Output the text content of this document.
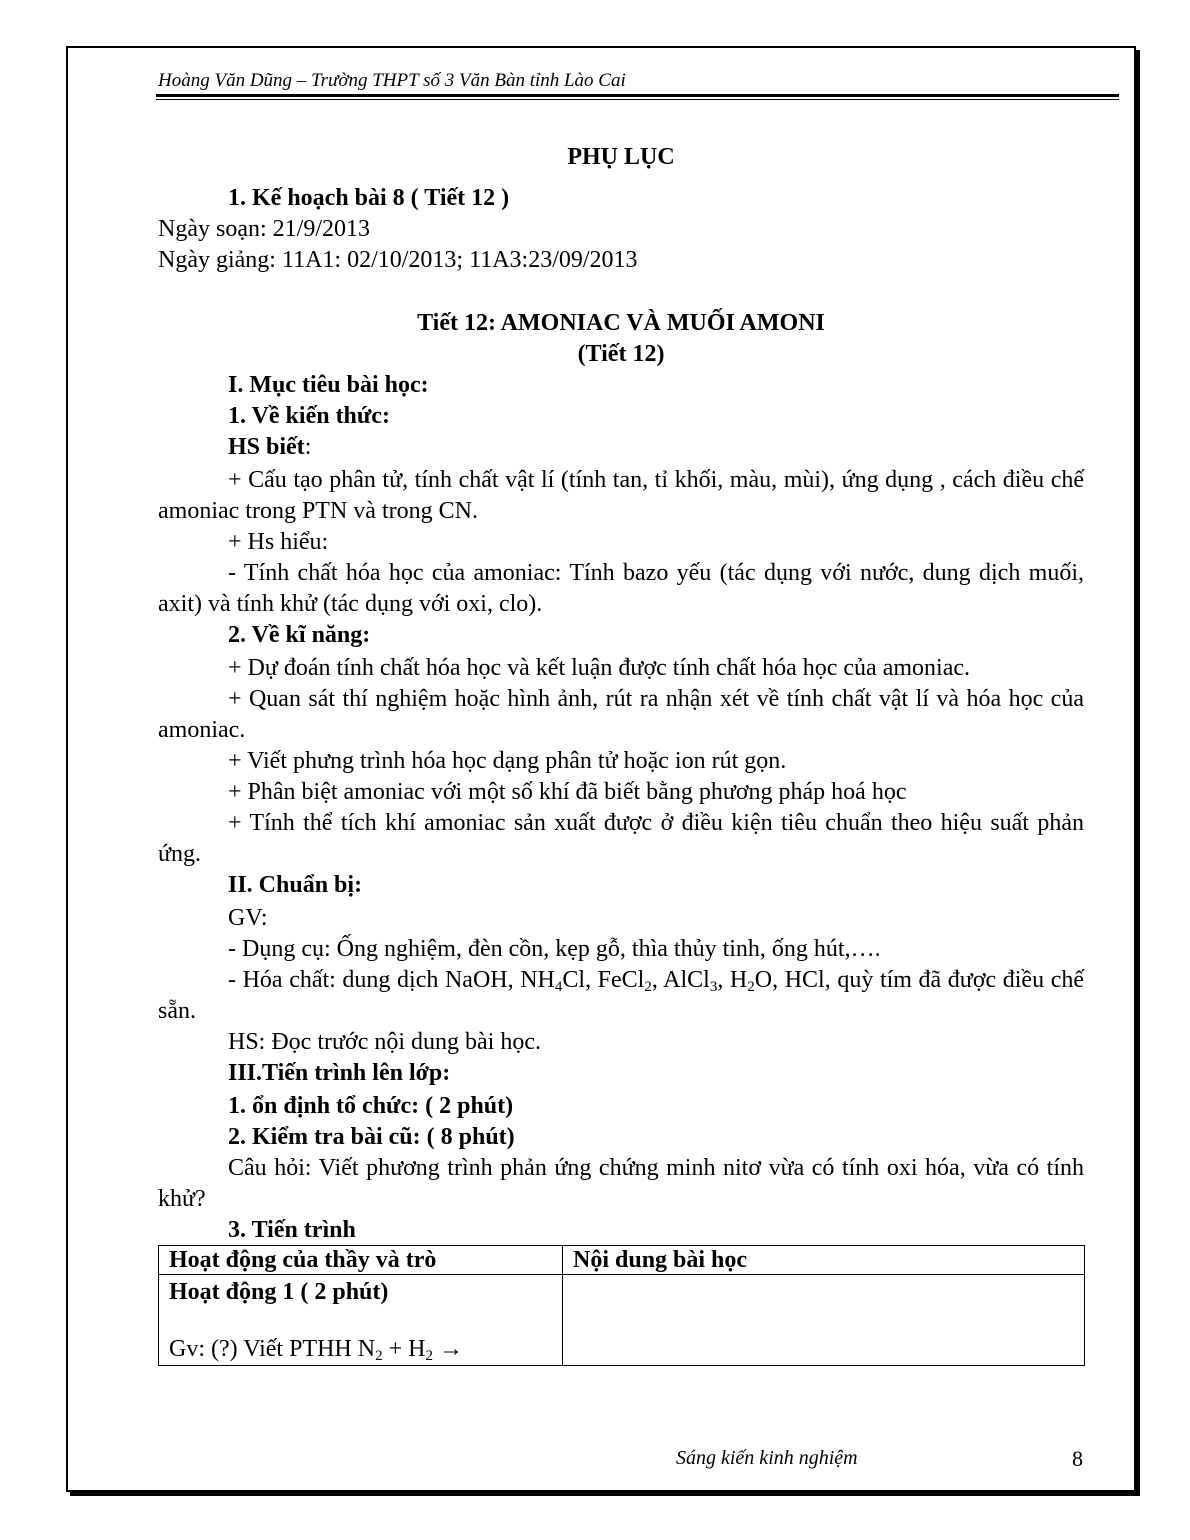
Hoàng Văn Dũng – Trường THPT số 3 Văn Bàn tỉnh Lào Cai
PHỤ LỤC
1. Kế hoạch bài 8 ( Tiết 12 )
Ngày soạn: 21/9/2013
Ngày giảng: 11A1: 02/10/2013; 11A3:23/09/2013
Tiết 12: AMONIAC VÀ MUỐI AMONI
(Tiết 12)
I. Mục tiêu bài học:
1. Về kiến thức:
HS biết:
+ Cấu tạo phân tử, tính chất vật lí (tính tan, tỉ khối, màu, mùi), ứng dụng , cách điều chế amoniac trong PTN và trong CN.
+ Hs hiểu:
- Tính chất hóa học của amoniac: Tính bazo yếu (tác dụng với nước, dung dịch muối, axit) và tính khử (tác dụng với oxi, clo).
2. Về kĩ năng:
+ Dự đoán tính chất hóa học và kết luận được tính chất hóa học của amoniac.
+ Quan sát thí nghiệm hoặc hình ảnh, rút ra nhận xét về tính chất vật lí và hóa học của amoniac.
+ Viết phưng trình hóa học dạng phân tử hoặc ion rút gọn.
+ Phân biệt amoniac với một số khí đã biết bằng phương pháp hoá học
+ Tính thể tích khí amoniac sản xuất được ở điều kiện tiêu chuẩn theo hiệu suất phản ứng.
II. Chuẩn bị:
GV:
- Dụng cụ: Ống nghiệm, đèn cồn, kẹp gỗ, thìa thủy tinh, ống hút,….
- Hóa chất: dung dịch NaOH, $NH_4Cl$, FeCl$_2$, AlCl$_3$, $H_2O$, HCl, quỳ tím đã được điều chế sẵn.
HS: Đọc trước nội dung bài học.
III.Tiến trình lên lớp:
1. ổn định tổ chức: ( 2 phút)
2. Kiểm tra bài cũ: ( 8 phút)
Câu hỏi: Viết phương trình phản ứng chứng minh nitơ vừa có tính oxi hóa, vừa có tính khử?
3. Tiến trình
Hoạt động của thầy và trò	Nội dung bài học

Hoạt động 1 ( 2 phút)
Gv: (?) Viết PTHH $N_2 + H_2$ →	

Sáng kiến kinh nghiệm	8
